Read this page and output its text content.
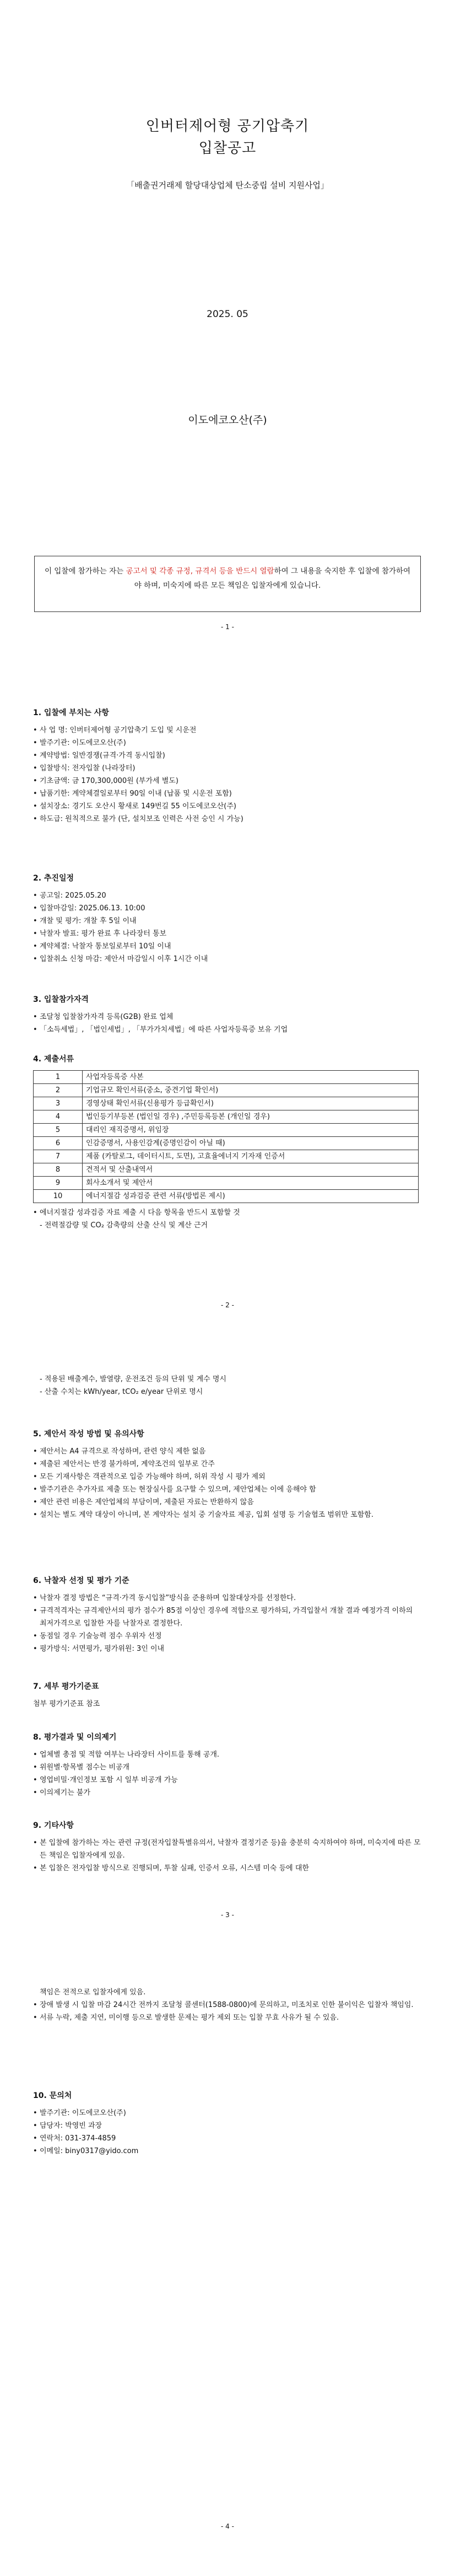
인버터제어형 공기압축기
입찰공고
「배출권거래제 할당대상업체 탄소중립 설비 지원사업」
2025. 05
이도에코오산(주)
이 입찰에 참가하는 자는 공고서 및 각종 규정, 규격서 등을 반드시 열람하여 그 내용을 숙지한 후 입찰에 참가하여야 하며, 미숙지에 따른 모든 책임은 입찰자에게 있습니다.
- 1 -
1. 입찰에 부치는 사항
• 사 업 명: 인버터제어형 공기압축기 도입 및 시운전
• 발주기관: 이도에코오산(주)
• 계약방법: 일반경쟁(규격·가격 동시입찰)
• 입찰방식: 전자입찰 (나라장터)
• 기초금액: 금 170,300,000원 (부가세 별도)
• 납품기한: 계약체결일로부터 90일 이내 (납품 및 시운전 포함)
• 설치장소: 경기도 오산시 황새로 149번길 55 이도에코오산(주)
• 하도급: 원칙적으로 불가 (단, 설치보조 인력은 사전 승인 시 가능)
2. 추진일정
• 공고일: 2025.05.20
• 입찰마감일: 2025.06.13. 10:00
• 개찰 및 평가: 개찰 후 5일 이내
• 낙찰자 발표: 평가 완료 후 나라장터 통보
• 계약체결: 낙찰자 통보일로부터 10일 이내
• 입찰취소 신청 마감: 제안서 마감일시 이후 1시간 이내
3. 입찰참가자격
• 조달청 입찰참가자격 등록(G2B) 완료 업체
• 「소득세법」, 「법인세법」, 「부가가치세법」에 따른 사업자등록증 보유 기업
4. 제출서류
1	사업자등록증 사본
2	기업규모 확인서류(중소, 중견기업 확인서)
3	경영상태 확인서류(신용평가 등급확인서)
4	법인등기부등본 (법인일 경우) ,주민등록등본 (개인일 경우)
5	대리인 재직증명서, 위임장
6	인감증명서, 사용인감계(증명인감이 아닐 때)
7	제품 (카탈로그, 데이터시트, 도면), 고효율에너지 기자재 인증서
8	견적서 및 산출내역서
9	회사소개서 및 제안서
10	에너지절감 성과검증 관련 서류(방법론 제시)
• 에너지절감 성과검증 자료 제출 시 다음 항목을 반드시 포함할 것
- 전력절감량 및 CO₂ 감축량의 산출 산식 및 계산 근거
- 2 -
- 적용된 배출계수, 발열량, 운전조건 등의 단위 및 계수 명시
- 산출 수치는 kWh/year, tCO₂ e/year 단위로 명시
5. 제안서 작성 방법 및 유의사항
• 제안서는 A4 규격으로 작성하며, 관련 양식 제한 없음
• 제출된 제안서는 반경 불가하며, 계약조건의 일부로 간주
• 모든 기재사항은 객관적으로 입증 가능해야 하며, 허위 작성 시 평가 제외
• 발주기관은 추가자료 제출 또는 현장실사를 요구할 수 있으며, 제안업체는 이에 응해야 함
• 제안 관련 비용은 제안업체의 부담이며, 제출된 자료는 반환하지 않음
• 설치는 별도 계약 대상이 아니며, 본 계약자는 설치 중 기술자료 제공, 입회 설명 등 기술협조 범위만 포함함.
6. 낙찰자 선정 및 평가 기준
• 낙찰자 결정 방법은 “규격·가격 동시입찰”방식을 준용하며 입찰대상자를 선정한다.
• 규격적격자는 규격제안서의 평가 점수가 85점 이상인 경우에 적합으로 평가하되, 가격입찰서 개찰 결과 예정가격 이하의 최저가격으로 입찰한 자를 낙찰자로 결정한다.
• 동점일 경우 기술능력 점수 우위자 선정
• 평가방식: 서면평가, 평가위원: 3인 이내
7. 세부 평가기준표
첨부 평가기준표 참조
8. 평가결과 및 이의제기
• 업체별 총점 및 적합 여부는 나라장터 사이트를 통해 공개.
• 위원별·항목별 점수는 비공개
• 영업비밀·개인정보 포함 시 일부 비공개 가능
• 이의제기는 불가
9. 기타사항
• 본 입찰에 참가하는 자는 관련 규정(전자입찰특별유의서, 낙찰자 결정기준 등)을 충분히 숙지하여야 하며, 미숙지에 따른 모든 책임은 입찰자에게 있음.
• 본 입찰은 전자입찰 방식으로 진행되며, 투찰 실패, 인증서 오류, 시스템 미숙 등에 대한
- 3 -
책임은 전적으로 입찰자에게 있음.
• 장애 발생 시 입찰 마감 24시간 전까지 조달청 콜센터(1588-0800)에 문의하고, 미조치로 인한 불이익은 입찰자 책임임.
• 서류 누락, 제출 지연, 미이행 등으로 발생한 문제는 평가 제외 또는 입찰 무효 사유가 될 수 있음.
10. 문의처
• 발주기관: 이도에코오산(주)
• 담당자: 박영빈 과장
• 연락처: 031-374-4859
• 이메일: biny0317@yido.com
- 4 -
